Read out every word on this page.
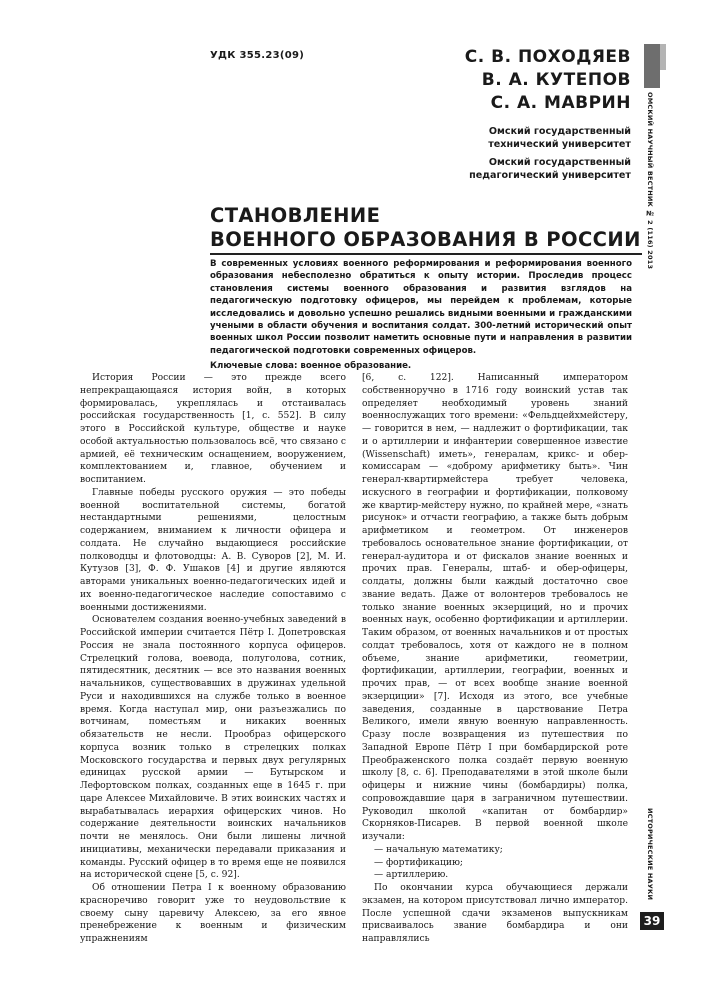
УДК 355.23(09)	С. В. ПОХОДЯЕВ
В. А. КУТЕПОВ
С. А. МАВРИН
Омский государственный
технический университет
Омский государственный
педагогический университет ОМСКИЙ НАУЧНЫЙ ВЕСТНИК № 2 (116) 2013
ИСТОРИЧЕСКИЕ НАУКИ
39
СТАНОВЛЕНИЕ
ВОЕННОГО ОБРАЗОВАНИЯ В РОССИИ
В современных условиях военного реформирования и реформирования военного образования небесполезно обратиться к опыту истории. Проследив процесс становления системы военного образования и развития взглядов на педагогическую подготовку офицеров, мы перейдем к проблемам, которые исследовались и довольно успешно решались видными военными и гражданскими учеными в области обучения и воспитания солдат. 300-летний исторический опыт военных школ России позволит наметить основные пути и направления в развитии педагогической подготовки современных офицеров.
Ключевые слова: военное образование.

История России — это прежде всего непрекращающаяся история войн, в которых формировалась, укреплялась и отстаивалась российская государственность [1, с. 552]. В силу этого в Российской культуре, обществе и науке особой актуальностью пользовалось всё, что связано с армией, её техническим оснащением, вооружением, комплектованием и, главное, обучением и воспитанием.

Главные победы русского оружия — это победы военной воспитательной системы, богатой нестандартными решениями, целостным содержанием, вниманием к личности офицера и солдата. Не случайно выдающиеся российские полководцы и флотоводцы: А. В. Суворов [2], М. И. Кутузов [3], Ф. Ф. Ушаков [4] и другие являются авторами уникальных военно-педагогических идей и их военно-педагогическое наследие сопоставимо с военными достижениями.

Основателем создания военно-учебных заведений в Российской империи считается Пётр I. Допетровская Россия не знала постоянного корпуса офицеров. Стрелецкий голова, воевода, полуголова, сотник, пятидесятник, десятник — все это названия военных начальников, существовавших в дружинах удельной Руси и находившихся на службе только в военное время. Когда наступал мир, они разъезжались по вотчинам, поместьям и никаких военных обязательств не несли. Прообраз офицерского корпуса возник только в стрелецких полках Московского государства и первых двух регулярных единицах русской армии — Бутырском и Лефортовском полках, созданных еще в 1645 г. при царе Алексее Михайловиче. В этих воинских частях и вырабатывалась иерархия офицерских чинов. Но содержание деятельности воинских начальников почти не менялось. Они были лишены личной инициативы, механически передавали приказания и команды. Русский офицер в то время еще не появился на исторической сцене [5, с. 92].

Об отношении Петра I к военному образованию красноречиво говорит уже то неудовольствие к своему сыну царевичу Алексею, за его явное пренебрежение к военным и физическим упражнениям

[6, с. 122]. Написанный императором собственноручно в 1716 году воинский устав так определяет необходимый уровень знаний военнослужащих того времени: «Фельдцейхмейстеру, — говорится в нем, — надлежит о фортификации, так и о артиллерии и инфантерии совершенное известие (Wissenschaft) иметь», генералам, крикс- и обер-комиссарам — «доброму арифметику быть». Чин генерал-квартирмейстера требует человека, искусного в географии и фортификации, полковому же квартир-мейстеру нужно, по крайней мере, «знать рисунок» и отчасти географию, а также быть добрым арифметиком и геометром. От инженеров требовалось основательное знание фортификации, от генерал-аудитора и от фискалов знание военных и прочих прав. Генералы, штаб- и обер-офицеры, солдаты, должны были каждый достаточно свое звание ведать. Даже от волонтеров требовалось не только знание военных экзерциций, но и прочих военных наук, особенно фортификации и артиллерии. Таким образом, от военных начальников и от простых солдат требовалось, хотя от каждого не в полном объеме, знание арифметики, геометрии, фортификации, артиллерии, географии, военных и прочих прав, — от всех вообще знание военной экзерциции» [7]. Исходя из этого, все учебные заведения, созданные в царствование Петра Великого, имели явную военную направленность. Сразу после возвращения из путешествия по Западной Европе Пётр I при бомбардирской роте Преображенского полка создаёт первую военную школу [8, с. 6]. Преподавателями в этой школе были офицеры и нижние чины (бомбардиры) полка, сопровождавшие царя в заграничном путешествии. Руководил школой «капитан от бомбардир» Скорняков-Писарев. В первой военной школе изучали:

— начальную математику;

— фортификацию;

— артиллерию.

По окончании курса обучающиеся держали экзамен, на котором присутствовал лично император. После успешной сдачи экзаменов выпускникам присваивалось звание бомбардира и они направлялись
